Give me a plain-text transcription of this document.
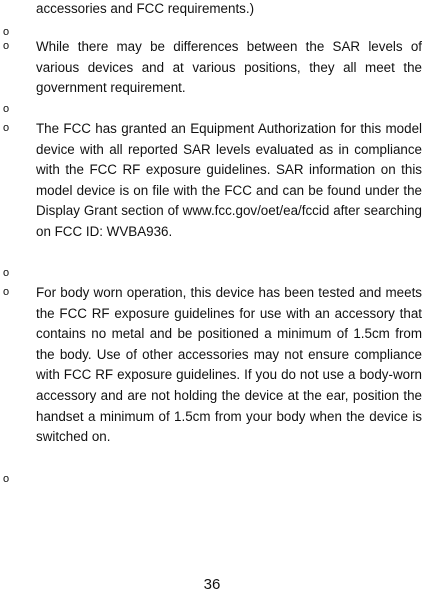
accessories and FCC requirements.)
o
o While there may be differences between the SAR levels of various devices and at various positions, they all meet the government requirement.
o
o The FCC has granted an Equipment Authorization for this model device with all reported SAR levels evaluated as in compliance with the FCC RF exposure guidelines. SAR information on this model device is on file with the FCC and can be found under the Display Grant section of www.fcc.gov/oet/ea/fccid after searching on FCC ID: WVBA936.
o
o For body worn operation, this device has been tested and meets the FCC RF exposure guidelines for use with an accessory that contains no metal and be positioned a minimum of 1.5cm from the body. Use of other accessories may not ensure compliance with FCC RF exposure guidelines. If you do not use a body-worn accessory and are not holding the device at the ear, position the handset a minimum of 1.5cm from your body when the device is switched on.
o
36
